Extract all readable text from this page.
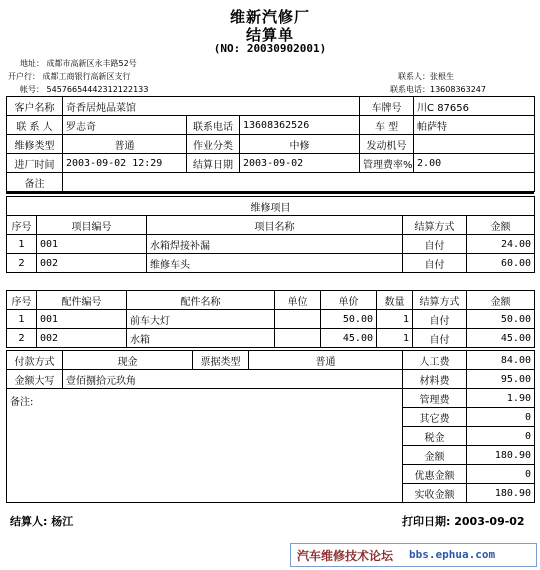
维新汽修厂
结算单
(NO: 20030902001)
地址： 成都市高新区永丰路52号
开户行： 成都工商银行高新区支行
帐号： 5457665444231212213З
联系人：张根生
联系电话：13608363247
客户名称	奇香居炖品菜馆			车牌号	川C 87656
联 系 人	罗志奇	联系电话	13608362526	车 型	帕萨特
维修类型	普通	作业分类	中修	发动机号	
进厂时间	2003-09-02 12:29	结算日期	2003-09-02	管理费率%	2.00
备注					
维修项目				
序号	项目编号	项目名称	结算方式	金额
1	001	水箱焊接补漏	自付	24.00
2	002	维修车头	自付	60.00
序号	配件编号	配件名称	单位	单价	数量	结算方式	金额
1	001	前车大灯		50.00	1	自付	50.00
2	002	水箱		45.00	1	自付	45.00
付款方式	现金	票据类型	普通	人工费	84.00
金额大写	壹佰捌拾元玖角			材料费	95.00
备注:				管理费	1.90
				其它费	0
				税金	0
				金额	180.90
				优惠金额	0
				实收金额	180.90
结算人: 杨江	打印日期: 2003-09-02
汽车维修技术论坛 bbs.ephua.com
